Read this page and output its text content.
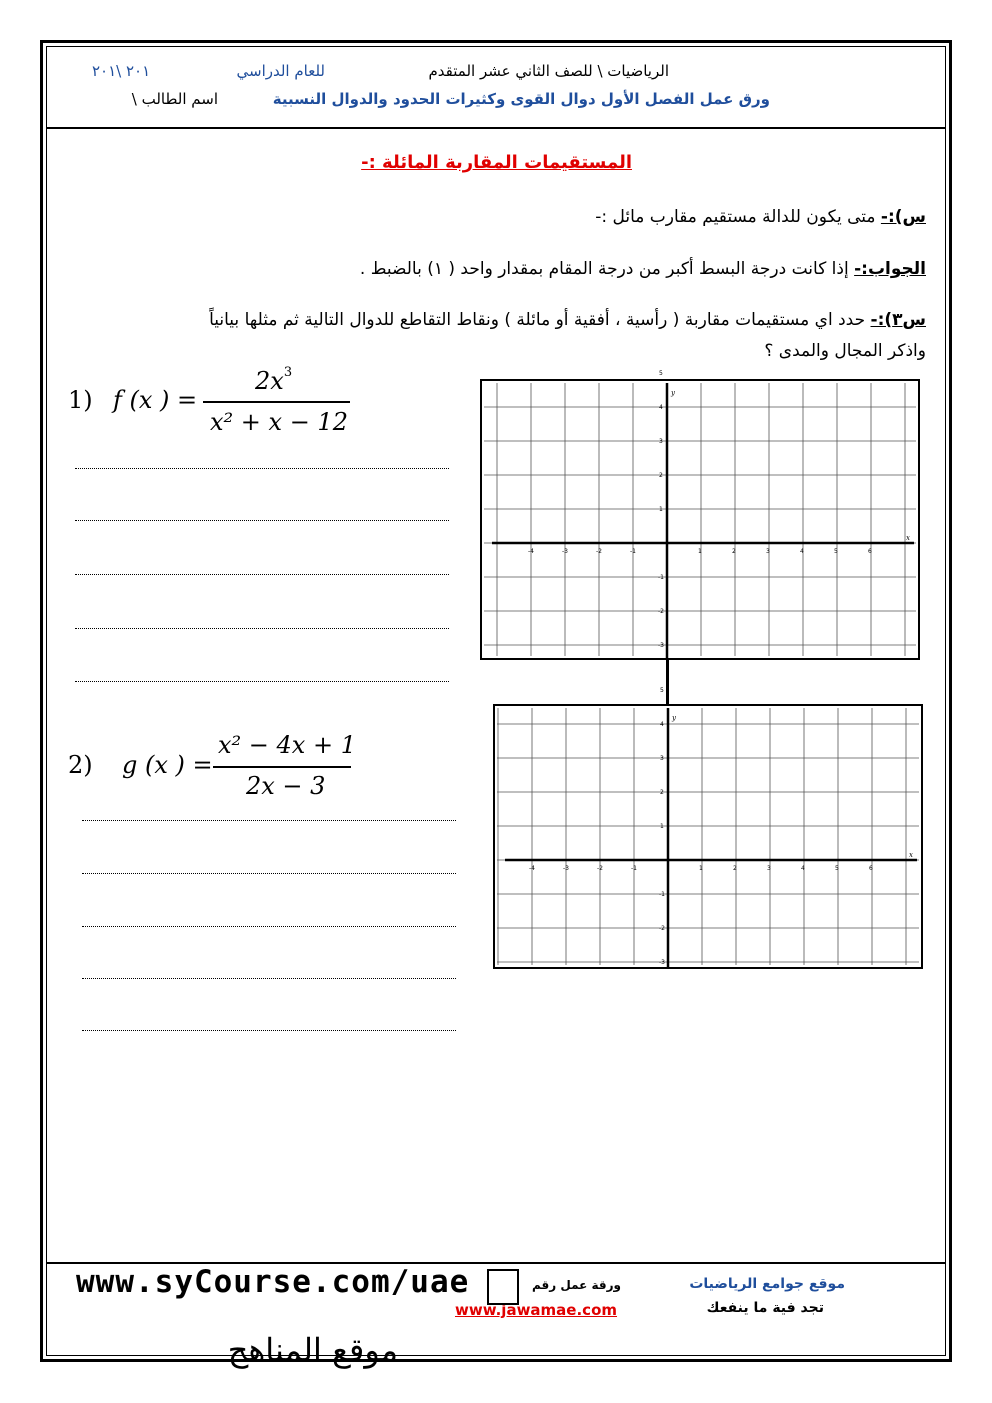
الرياضيات \ للصف الثاني عشر المتقدم
للعام الدراسي
٢٠١ \٢٠١
ورق عمل الفصل الأول دوال القوى وكثيرات الحدود والدوال النسبية
اسم الطالب \
المستقيمات المقاربة المائلة :-
س):- متى يكون للدالة مستقيم مقارب مائل :-
الجواب:- إذا كانت درجة البسط أكبر من درجة المقام بمقدار واحد ( ١) بالضبط .
س٣):- حدد اي مستقيمات مقاربة ( رأسية ، أفقية أو مائلة ) ونقاط التقاطع للدوال التالية ثم مثلها بيانياً
واذكر المجال والمدى ؟
1) f (x ) =
$2x^3$
x² + x − 12
2) g (x ) =
x² − 4x + 1
2x − 3
-4	-3	-2	-1	1	2	3	4	5	6
5
4
3
2
1
-1
-2
-3
y
x
-4	-3	-2	-1	1	2	3	4	5	6
5
4
3
2
1
-1
-2
-3
y
x
موقع جوامع الرياضيات
تجد فية ما ينفعك
ورقة عمل رقم
www.jawamae.com
www.syCourse.com/uae
موقع المناهج
